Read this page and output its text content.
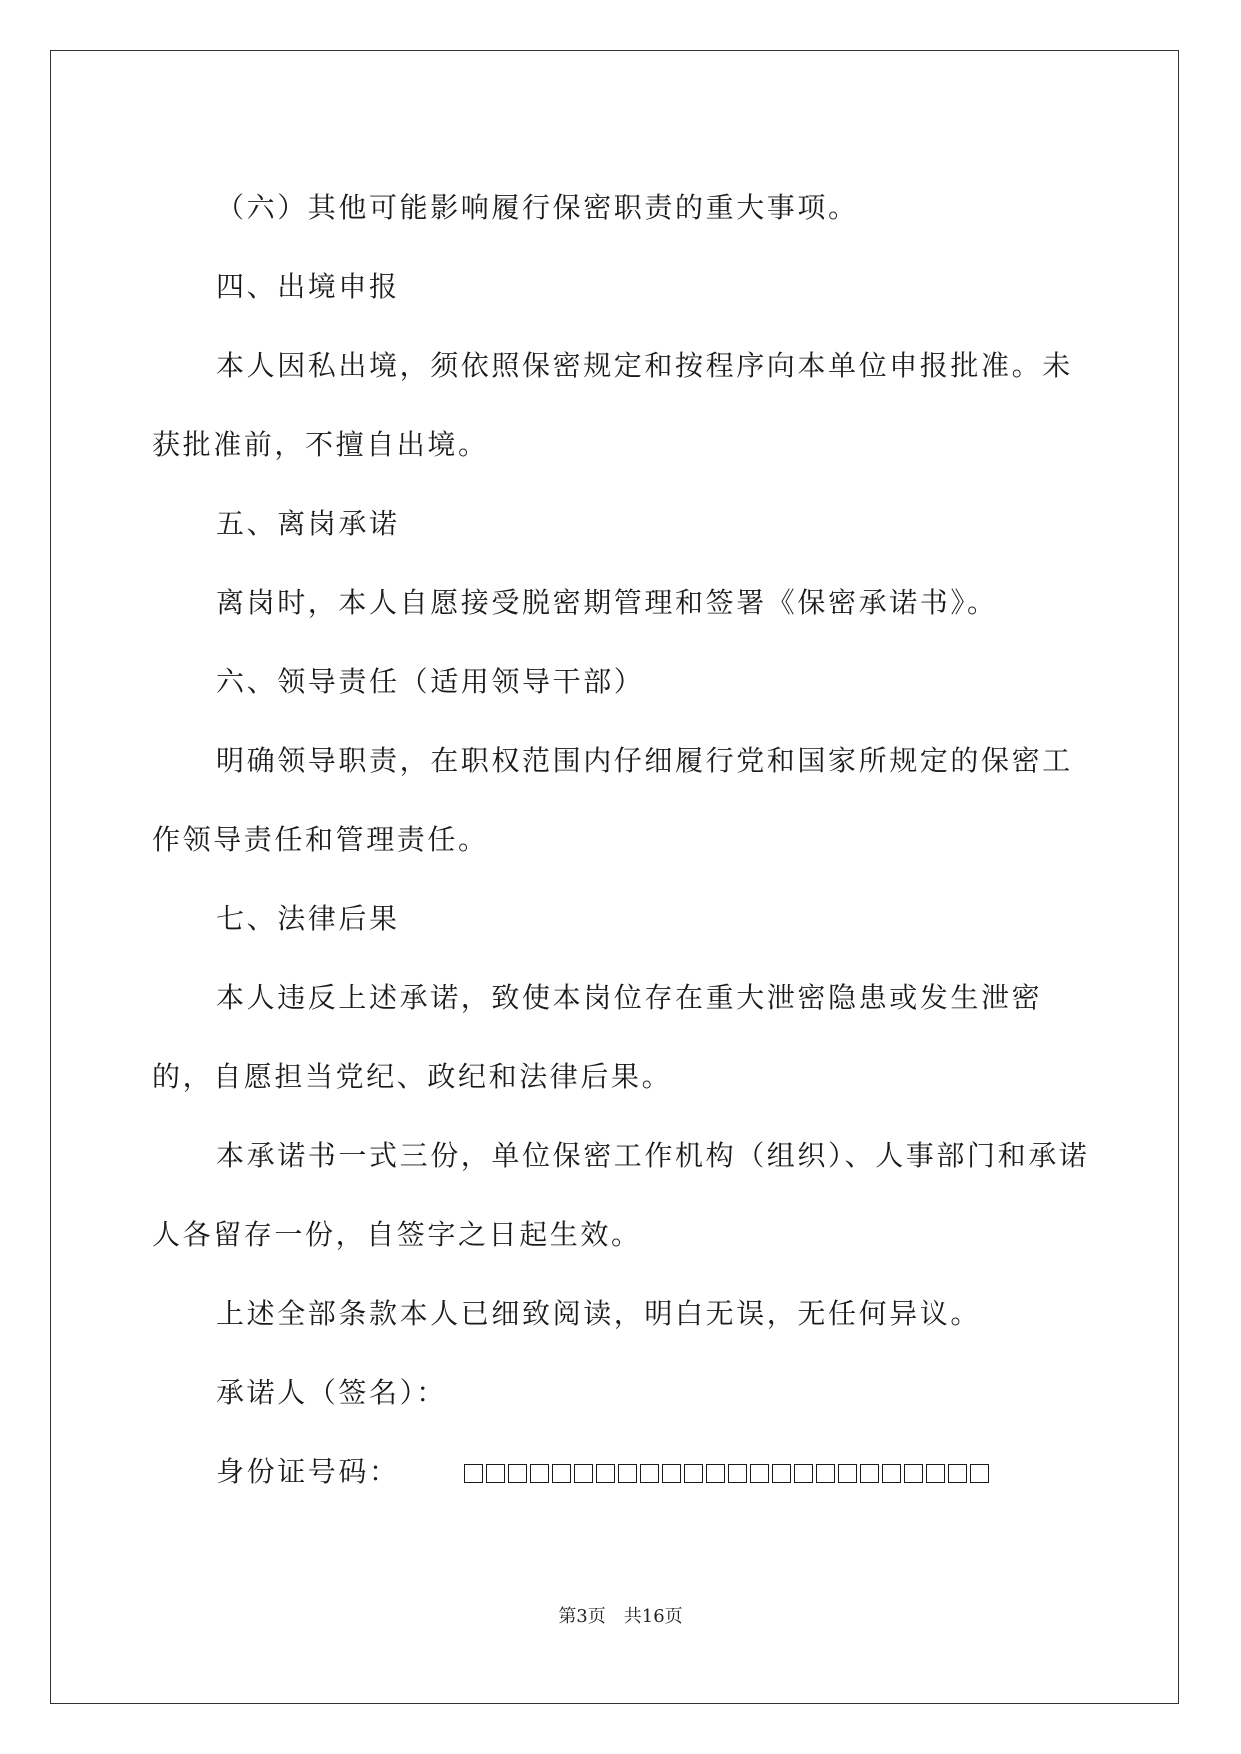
（六）其他可能影响履行保密职责的重大事项。

四、出境申报

本人因私出境，须依照保密规定和按程序向本单位申报批准。未获批准前，不擅自出境。

五、离岗承诺

离岗时，本人自愿接受脱密期管理和签署《保密承诺书》。

六、领导责任（适用领导干部）

明确领导职责，在职权范围内仔细履行党和国家所规定的保密工作领导责任和管理责任。

七、法律后果

本人违反上述承诺，致使本岗位存在重大泄密隐患或发生泄密的，自愿担当党纪、政纪和法律后果。

本承诺书一式三份，单位保密工作机构（组织）、人事部门和承诺人各留存一份，自签字之日起生效。

上述全部条款本人已细致阅读，明白无误，无任何异议。

承诺人（签名）：

身份证号码：

第3页　共16页
